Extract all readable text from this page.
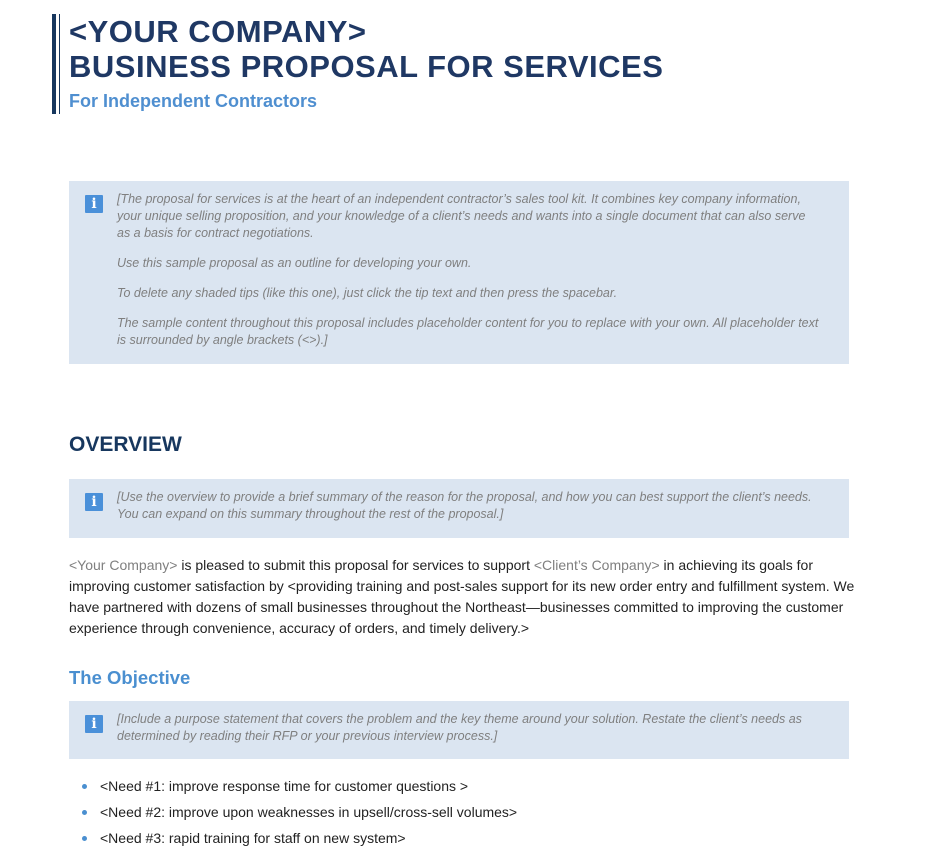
<YOUR COMPANY>
BUSINESS PROPOSAL FOR SERVICES
For Independent Contractors
i	[The proposal for services is at the heart of an independent contractor’s sales tool kit. It combines key company information, your unique selling proposition, and your knowledge of a client’s needs and wants into a single document that can also serve as a basis for contract negotiations.

Use this sample proposal as an outline for developing your own.

To delete any shaded tips (like this one), just click the tip text and then press the spacebar.

The sample content throughout this proposal includes placeholder content for you to replace with your own. All placeholder text is surrounded by angle brackets (<>).]

OVERVIEW
i	[Use the overview to provide a brief summary of the reason for the proposal, and how you can best support the client’s needs. You can expand on this summary throughout the rest of the proposal.]

<Your Company> is pleased to submit this proposal for services to support <Client’s Company> in achieving its goals for improving customer satisfaction by <providing training and post-sales support for its new order entry and fulfillment system. We have partnered with dozens of small businesses throughout the Northeast—businesses committed to improving the customer experience through convenience, accuracy of orders, and timely delivery.>

The Objective
i	[Include a purpose statement that covers the problem and the key theme around your solution. Restate the client’s needs as determined by reading their RFP or your previous interview process.]

<Need #1: improve response time for customer questions >
<Need #2: improve upon weaknesses in upsell/cross-sell volumes>
<Need #3: rapid training for staff on new system>
